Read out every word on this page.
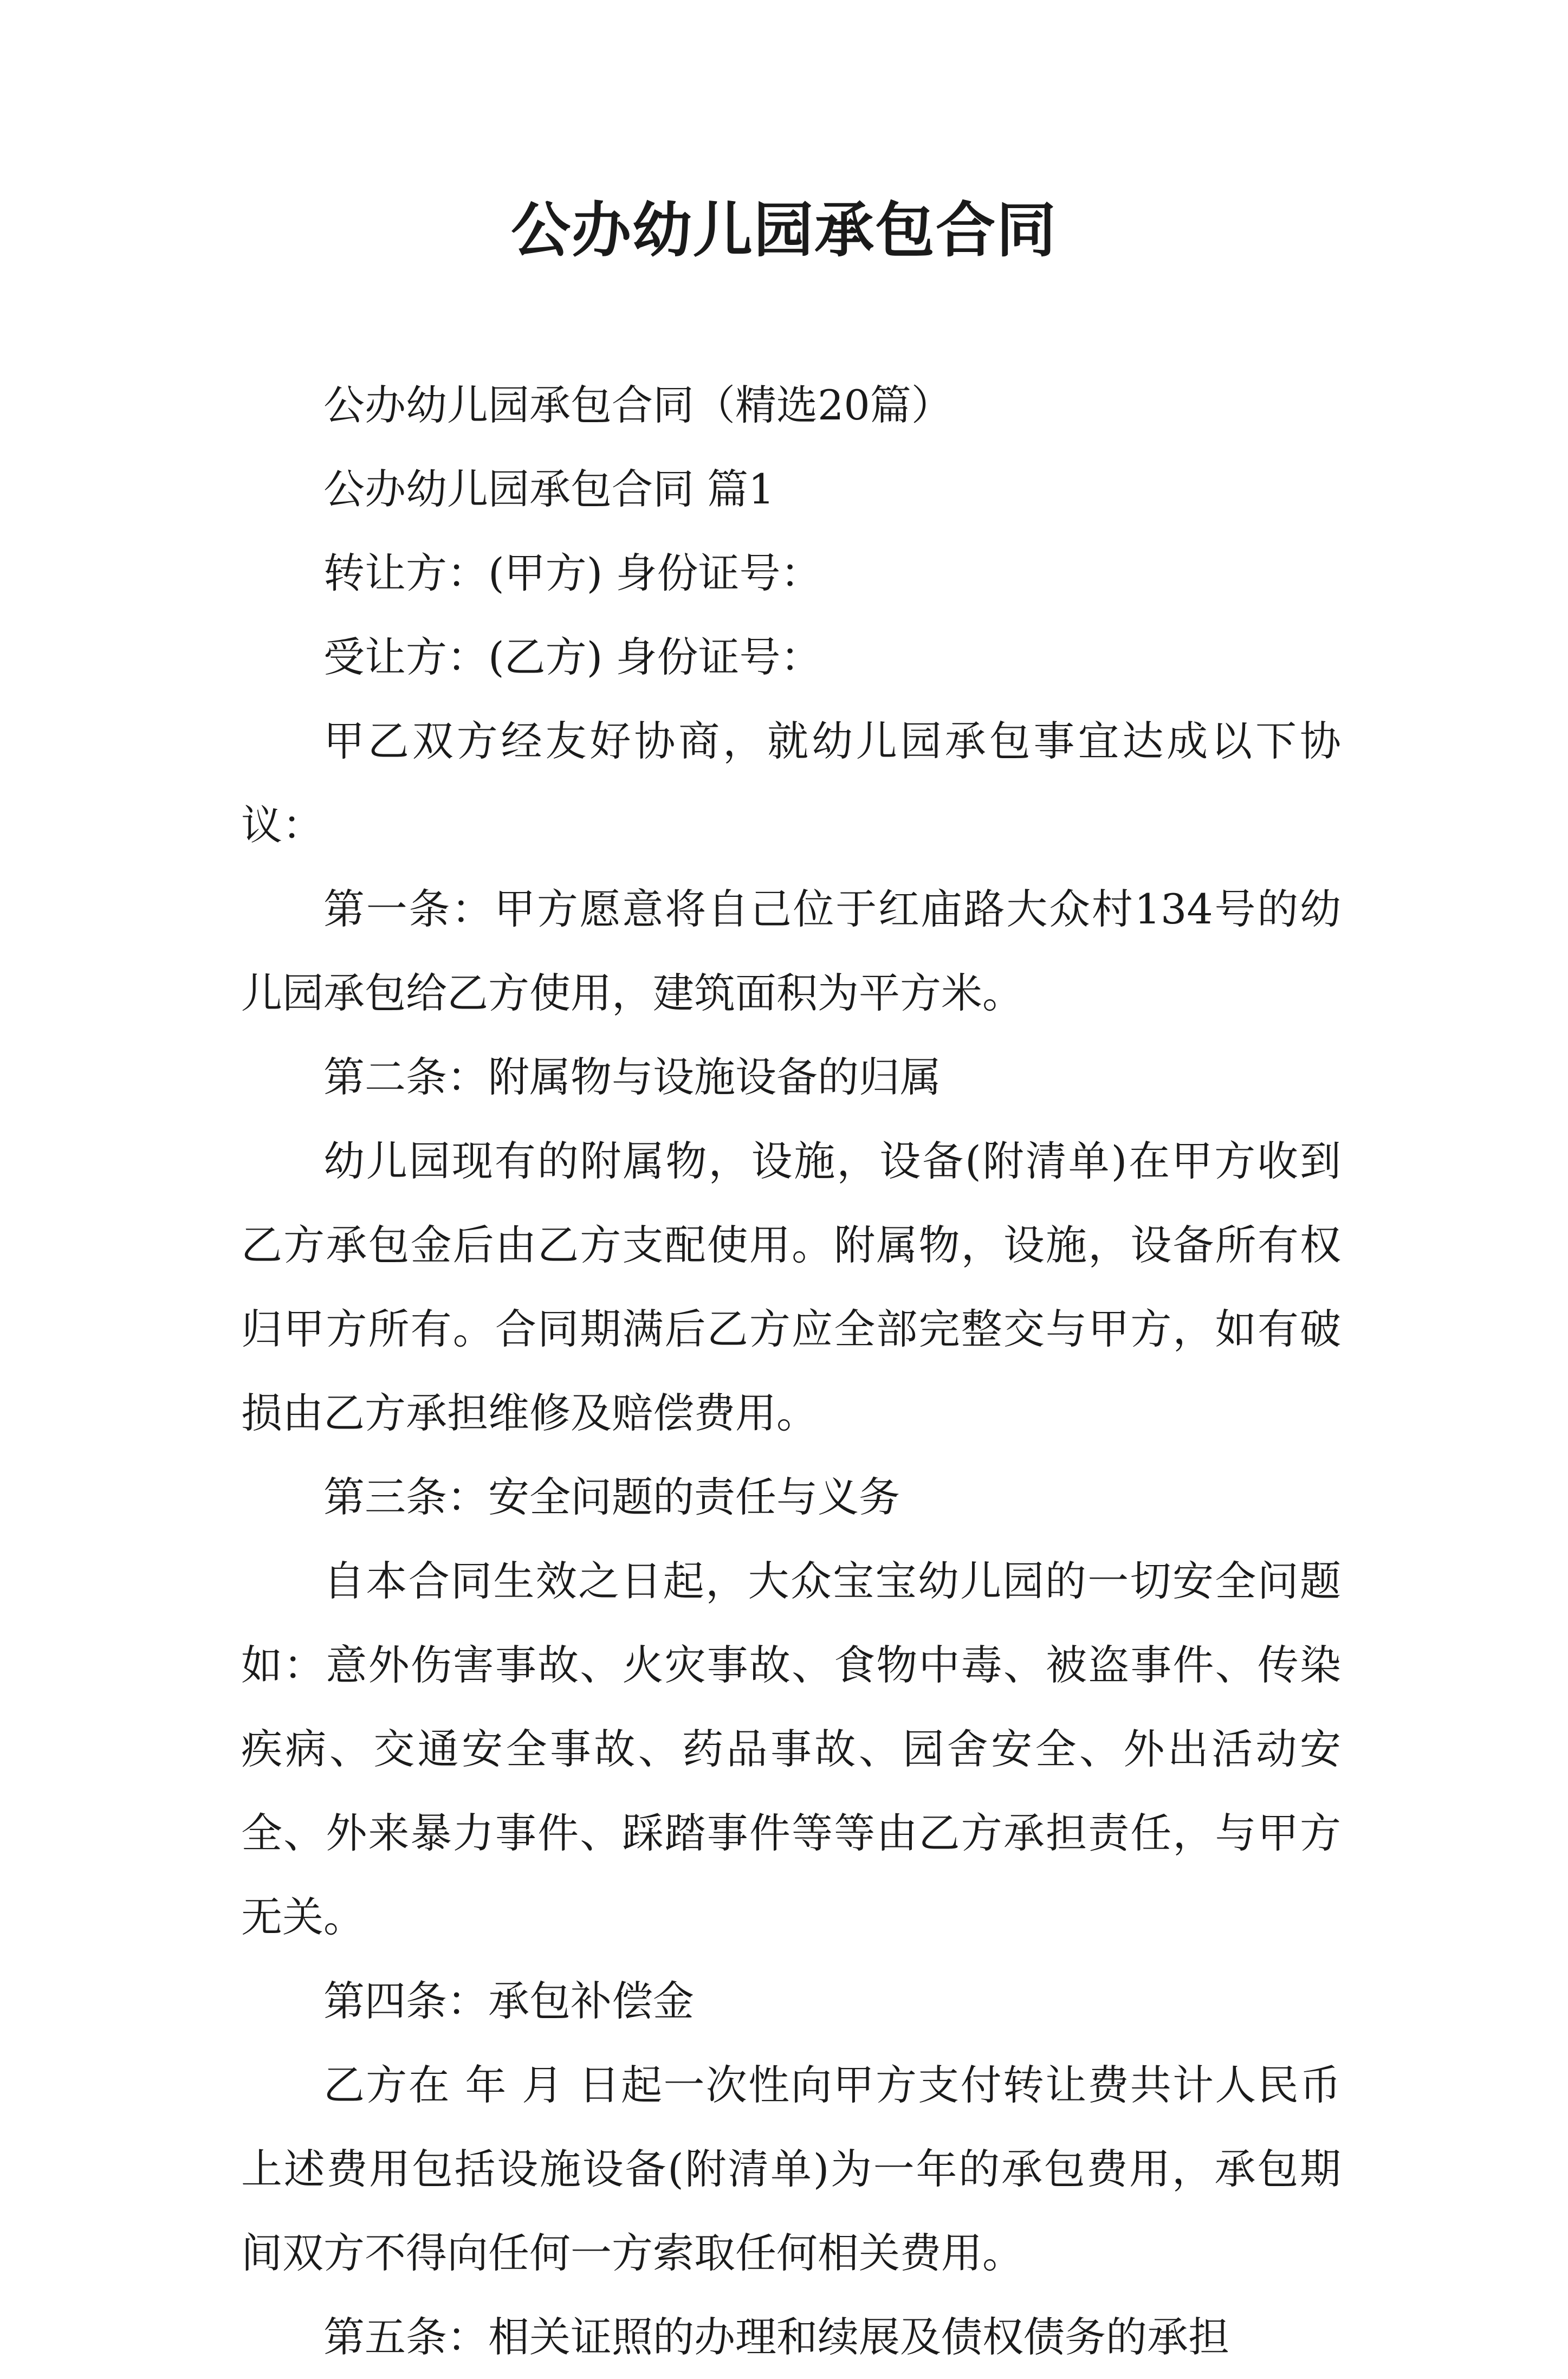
公办幼儿园承包合同

公办幼儿园承包合同（精选20篇）

公办幼儿园承包合同 篇1

转让方：(甲方) 身份证号：

受让方：(乙方) 身份证号：

甲乙双方经友好协商，就幼儿园承包事宜达成以下协议：

第一条：甲方愿意将自己位于红庙路大众村134号的幼儿园承包给乙方使用，建筑面积为平方米。

第二条：附属物与设施设备的归属

幼儿园现有的附属物，设施，设备(附清单)在甲方收到乙方承包金后由乙方支配使用。附属物，设施，设备所有权归甲方所有。合同期满后乙方应全部完整交与甲方，如有破损由乙方承担维修及赔偿费用。

第三条：安全问题的责任与义务

自本合同生效之日起，大众宝宝幼儿园的一切安全问题如：意外伤害事故、火灾事故、食物中毒、被盗事件、传染疾病、交通安全事故、药品事故、园舍安全、外出活动安全、外来暴力事件、踩踏事件等等由乙方承担责任，与甲方无关。

第四条：承包补偿金

乙方在 年 月 日起一次性向甲方支付转让费共计人民币 上述费用包括设施设备(附清单)为一年的承包费用，承包期间双方不得向任何一方索取任何相关费用。

第五条：相关证照的办理和续展及债权债务的承担
